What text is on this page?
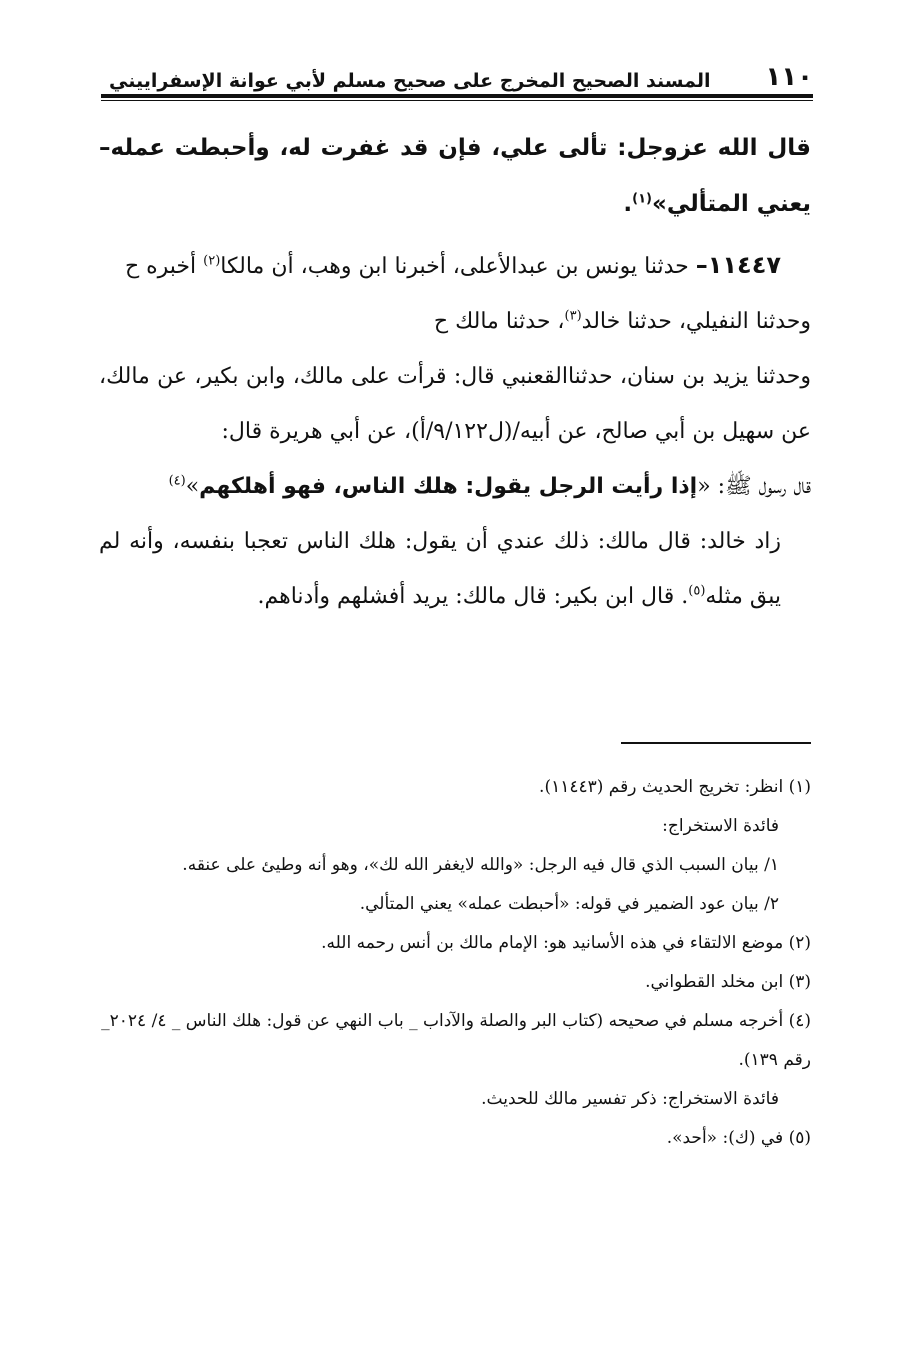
١١٠
المسند الصحيح المخرج على صحيح مسلم لأبي عوانة الإسفراييني

قال الله عزوجل: تألى علي، فإن قد غفرت له، وأحبطت عمله– يعني المتألي»$^{(١)}$.

١١٤٤٧– حدثنا يونس بن عبدالأعلى، أخبرنا ابن وهب، أن مالكا$^{(٢)}$ أخبره ح

وحدثنا النفيلي، حدثنا خالد$^{(٣)}$، حدثنا مالك ح

وحدثنا يزيد بن سنان، حدثناالقعنبي قال: قرأت على مالك، وابن بكير، عن مالك، عن سهيل بن أبي صالح، عن أبيه/(ل٩/١٢٢/أ)، عن أبي هريرة قال:

قال رسول ﷺ: «إذا رأيت الرجل يقول: هلك الناس، فهو أهلكهم»$^{(٤)}$

زاد خالد: قال مالك: ذلك عندي أن يقول: هلك الناس تعجبا بنفسه، وأنه لم يبق مثله$^{(٥)}$. قال ابن بكير: قال مالك: يريد أفشلهم وأدناهم.

(١) انظر: تخريج الحديث رقم (١١٤٤٣).

فائدة الاستخراج:

١/ بيان السبب الذي قال فيه الرجل: «والله لايغفر الله لك»، وهو أنه وطيئ على عنقه.

٢/ بيان عود الضمير في قوله: «أحبطت عمله» يعني المتألي.

(٢) موضع الالتقاء في هذه الأسانيد هو: الإمام مالك بن أنس رحمه الله.

(٣) ابن مخلد القطواني.

(٤) أخرجه مسلم في صحيحه (كتاب البر والصلة والآداب _ باب النهي عن قول: هلك الناس _ ٤/ ٢٠٢٤_ رقم ١٣٩).

فائدة الاستخراج: ذكر تفسير مالك للحديث.

(٥) في (ك): «أحد».
